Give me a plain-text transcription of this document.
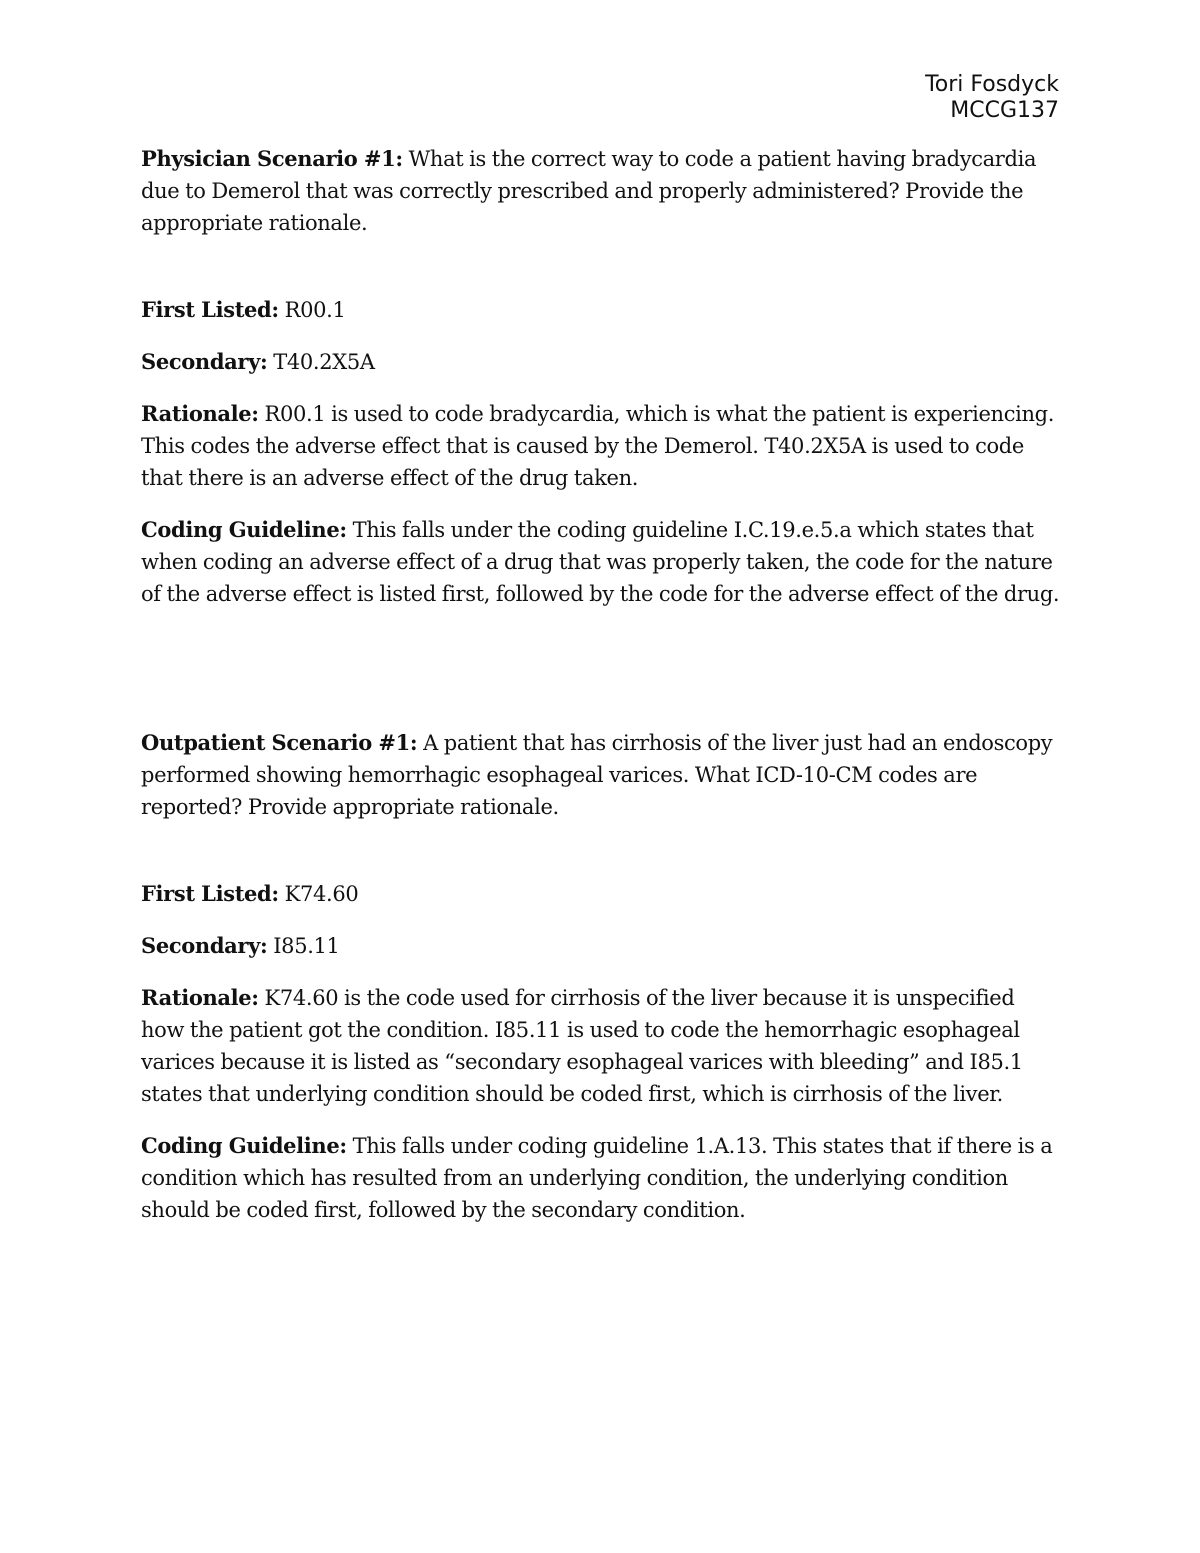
Tori Fosdyck
MCCG137

Physician Scenario #1: What is the correct way to code a patient having bradycardia due to Demerol that was correctly prescribed and properly administered? Provide the appropriate rationale.

First Listed: R00.1

Secondary: T40.2X5A

Rationale: R00.1 is used to code bradycardia, which is what the patient is experiencing. This codes the adverse effect that is caused by the Demerol. T40.2X5A is used to code that there is an adverse effect of the drug taken.

Coding Guideline: This falls under the coding guideline I.C.19.e.5.a which states that when coding an adverse effect of a drug that was properly taken, the code for the nature of the adverse effect is listed first, followed by the code for the adverse effect of the drug.

Outpatient Scenario #1: A patient that has cirrhosis of the liver just had an endoscopy performed showing hemorrhagic esophageal varices. What ICD-10-CM codes are reported? Provide appropriate rationale.

First Listed: K74.60

Secondary: I85.11

Rationale: K74.60 is the code used for cirrhosis of the liver because it is unspecified how the patient got the condition. I85.11 is used to code the hemorrhagic esophageal varices because it is listed as “secondary esophageal varices with bleeding” and I85.1 states that underlying condition should be coded first, which is cirrhosis of the liver.

Coding Guideline: This falls under coding guideline 1.A.13. This states that if there is a condition which has resulted from an underlying condition, the underlying condition should be coded first, followed by the secondary condition.
